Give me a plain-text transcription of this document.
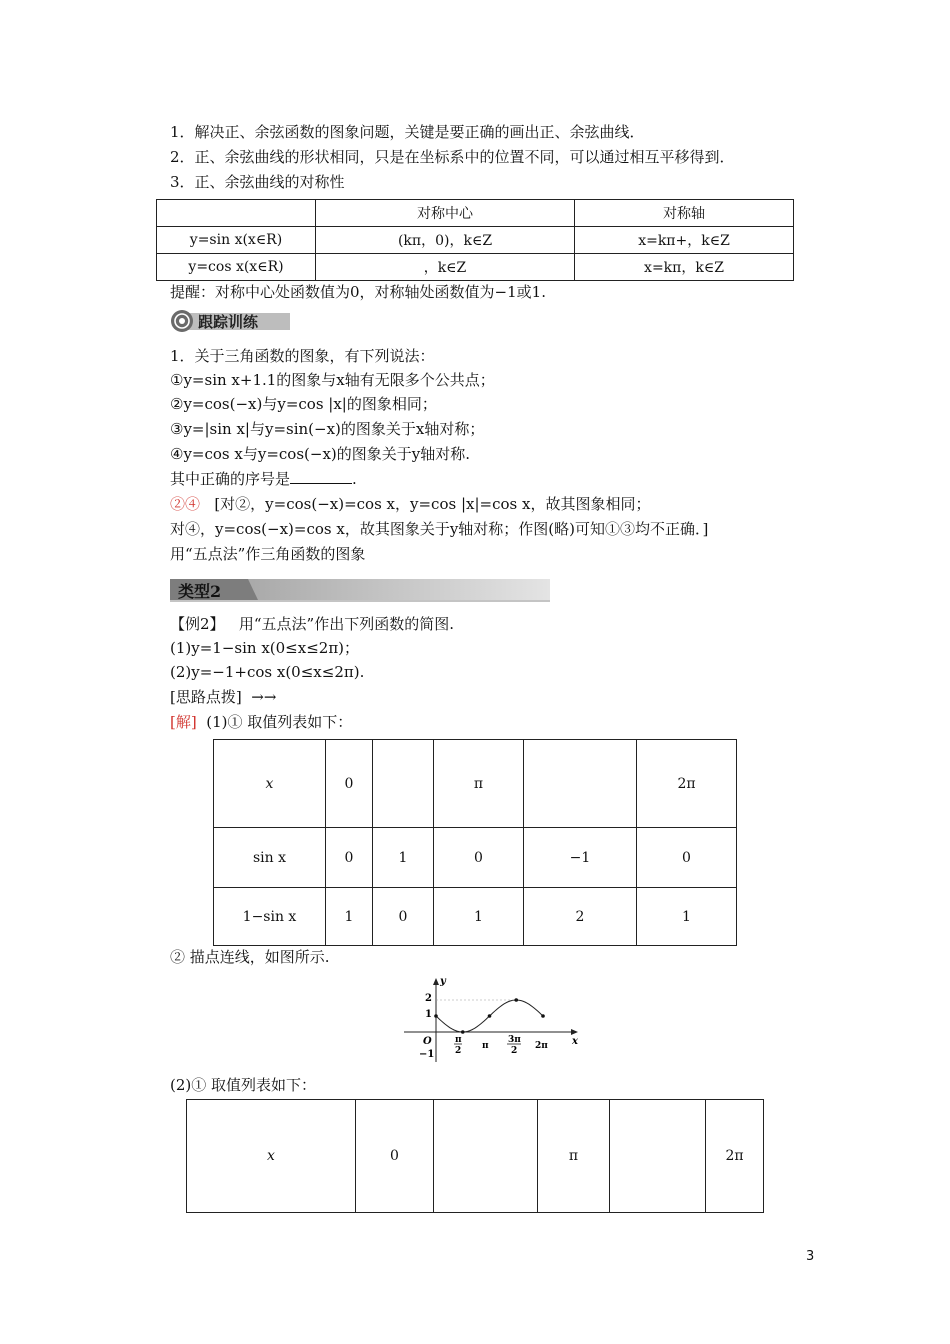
1．解决正、余弦函数的图象问题，关键是要正确的画出正、余弦曲线．
2．正、余弦曲线的形状相同，只是在坐标系中的位置不同，可以通过相互平移得到．
3．正、余弦曲线的对称性
	对称中心	对称轴
y=sin x(x∈R)	(kπ，0)，k∈Z	x=kπ+，k∈Z
y=cos x(x∈R)	，k∈Z	x=kπ，k∈Z
提醒：对称中心处函数值为0，对称轴处函数值为−1或1.
跟踪训练
1．关于三角函数的图象，有下列说法：
①y=sin x+1.1的图象与x轴有无限多个公共点；
②y=cos(−x)与y=cos |x|的图象相同；
③y=|sin x|与y=sin(−x)的图象关于x轴对称；
④y=cos x与y=cos(−x)的图象关于y轴对称.
其中正确的序号是	.
②④ [对②，y=cos(−x)=cos x，y=cos |x|=cos x，故其图象相同；
对④，y=cos(−x)=cos x，故其图象关于y轴对称；作图(略)可知①③均不正确．]
用“五点法”作三角函数的图象
类型2
【例2】 用“五点法”作出下列函数的简图.
(1)y=1−sin x(0≤x≤2π)；
(2)y=−1+cos x(0≤x≤2π).
[思路点拨] →→
[解] (1)① 取值列表如下：
x	0		π		2π
sin x	0	1	0	−1	0
1−sin x	1	0	1	2	1
② 描点连线，如图所示.
y
x
O
2
1
−1
π
2 π
3π
2 2π
(2)① 取值列表如下：
x	0		π		2π
3
